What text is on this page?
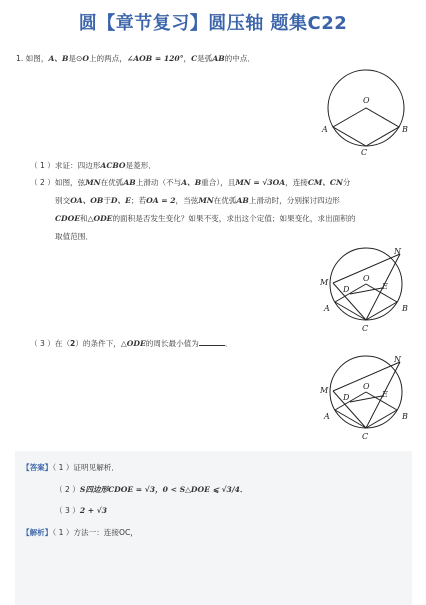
圆【章节复习】圆压轴 题集C22
1. 如图，A、B是⊙O上的两点，∠AOB = 120°，C是弧AB的中点．
O
A	B
C
（ 1 ）求证：四边形ACBO是菱形．
（ 2 ）如图，弦MN在优弧AB上滑动（不与A、B重合），且MN = √3OA，连接CM、CN分
别交OA、OB于D、E；若OA = 2，当弦MN在优弧AB上滑动时，分别探讨四边形
CDOE和△ODE的面积是否发生变化？如果不变，求出这个定值；如果变化，求出面积的
取值范围．
O
M
N
D	E
A	B
C
（ 3 ）在（2）的条件下，△ODE的周长最小值为	．
O
M
N
D	E
A	B
C
【答案】（ 1 ）证明见解析．
（ 2 ）S四边形CDOE = √3，0 < S△DOE ⩽ √3/4．
（ 3 ）2 + √3
【解析】（ 1 ）方法一：连接OC，
